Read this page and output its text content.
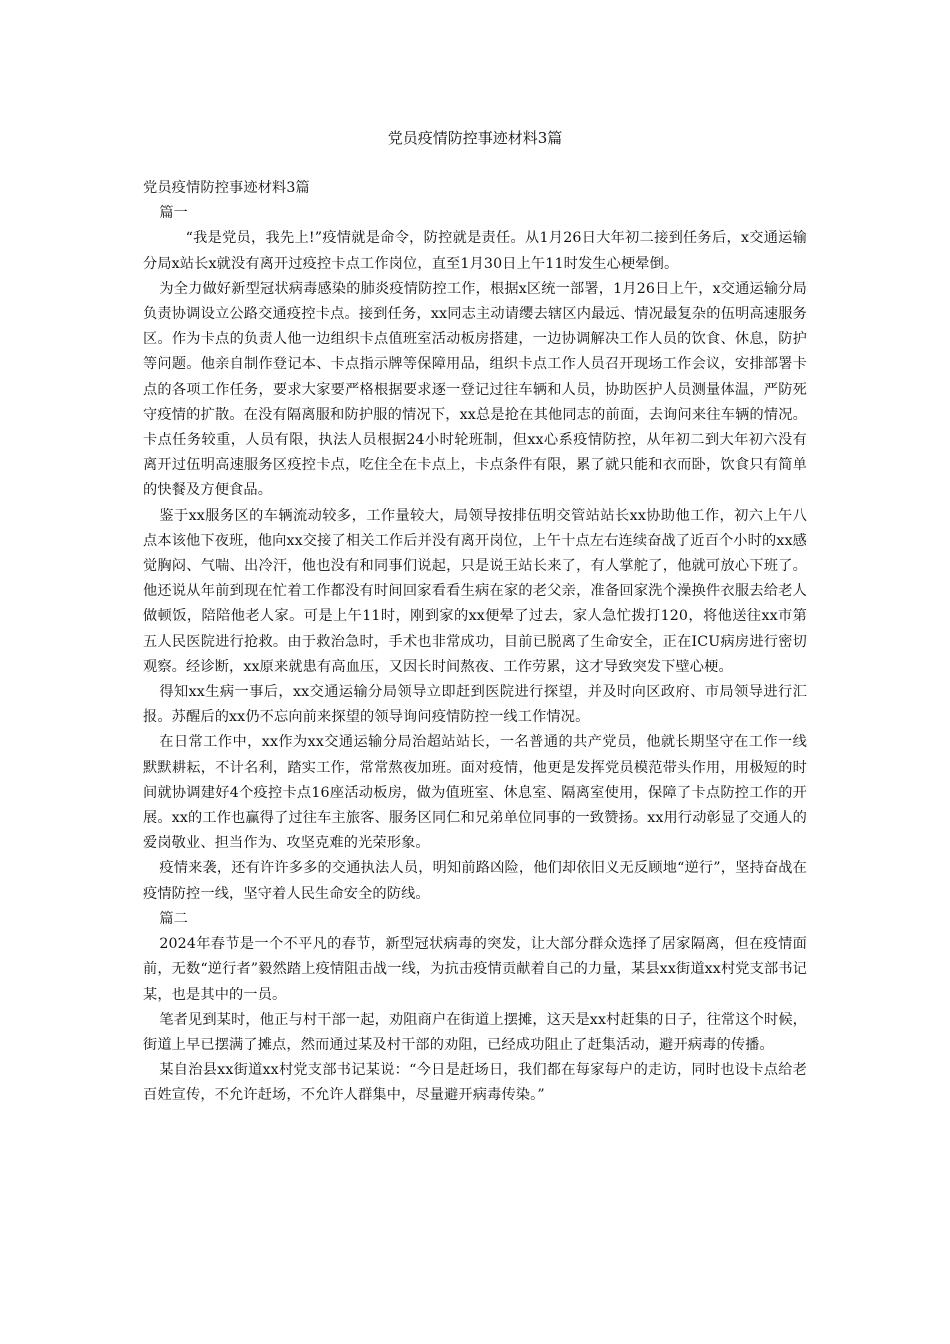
党员疫情防控事迹材料3篇

党员疫情防控事迹材料3篇

篇一

“我是党员，我先上!”疫情就是命令，防控就是责任。从1月26日大年初二接到任务后，x交通运输分局x站长x就没有离开过疫控卡点工作岗位，直至1月30日上午11时发生心梗晕倒。

为全力做好新型冠状病毒感染的肺炎疫情防控工作，根据x区统一部署，1月26日上午，x交通运输分局负责协调设立公路交通疫控卡点。接到任务，xx同志主动请缨去辖区内最远、情况最复杂的伍明高速服务区。作为卡点的负责人他一边组织卡点值班室活动板房搭建，一边协调解决工作人员的饮食、休息，防护等问题。他亲自制作登记本、卡点指示牌等保障用品，组织卡点工作人员召开现场工作会议，安排部署卡点的各项工作任务，要求大家要严格根据要求逐一登记过往车辆和人员，协助医护人员测量体温，严防死守疫情的扩散。在没有隔离服和防护服的情况下，xx总是抢在其他同志的前面，去询问来往车辆的情况。卡点任务较重，人员有限，执法人员根据24小时轮班制，但xx心系疫情防控，从年初二到大年初六没有离开过伍明高速服务区疫控卡点，吃住全在卡点上，卡点条件有限，累了就只能和衣而卧，饮食只有简单的快餐及方便食品。

鉴于xx服务区的车辆流动较多，工作量较大，局领导按排伍明交管站站长xx协助他工作，初六上午八点本该他下夜班，他向xx交接了相关工作后并没有离开岗位，上午十点左右连续奋战了近百个小时的xx感觉胸闷、气喘、出冷汗，他也没有和同事们说起，只是说王站长来了，有人掌舵了，他就可放心下班了。他还说从年前到现在忙着工作都没有时间回家看看生病在家的老父亲，准备回家洗个澡换件衣服去给老人做顿饭，陪陪他老人家。可是上午11时，刚到家的xx便晕了过去，家人急忙拨打120，将他送往xx市第五人民医院进行抢救。由于救治急时，手术也非常成功，目前已脱离了生命安全，正在ICU病房进行密切观察。经诊断，xx原来就患有高血压，又因长时间熬夜、工作劳累，这才导致突发下壁心梗。

得知xx生病一事后，xx交通运输分局领导立即赶到医院进行探望，并及时向区政府、市局领导进行汇报。苏醒后的xx仍不忘向前来探望的领导询问疫情防控一线工作情况。

在日常工作中，xx作为xx交通运输分局治超站站长，一名普通的共产党员，他就长期坚守在工作一线默默耕耘，不计名利，踏实工作，常常熬夜加班。面对疫情，他更是发挥党员模范带头作用，用极短的时间就协调建好4个疫控卡点16座活动板房，做为值班室、休息室、隔离室使用，保障了卡点防控工作的开展。xx的工作也赢得了过往车主旅客、服务区同仁和兄弟单位同事的一致赞扬。xx用行动彰显了交通人的爱岗敬业、担当作为、攻坚克难的光荣形象。

疫情来袭，还有许许多多的交通执法人员，明知前路凶险，他们却依旧义无反顾地“逆行”，坚持奋战在疫情防控一线，坚守着人民生命安全的防线。

篇二

2024年春节是一个不平凡的春节，新型冠状病毒的突发，让大部分群众选择了居家隔离，但在疫情面前，无数“逆行者”毅然踏上疫情阻击战一线，为抗击疫情贡献着自己的力量，某县xx街道xx村党支部书记某，也是其中的一员。

笔者见到某时，他正与村干部一起，劝阻商户在街道上摆摊，这天是xx村赶集的日子，往常这个时候，街道上早已摆满了摊点，然而通过某及村干部的劝阻，已经成功阻止了赶集活动，避开病毒的传播。

某自治县xx街道xx村党支部书记某说：“今日是赶场日，我们都在每家每户的走访，同时也设卡点给老百姓宣传，不允许赶场，不允许人群集中，尽量避开病毒传染。”
